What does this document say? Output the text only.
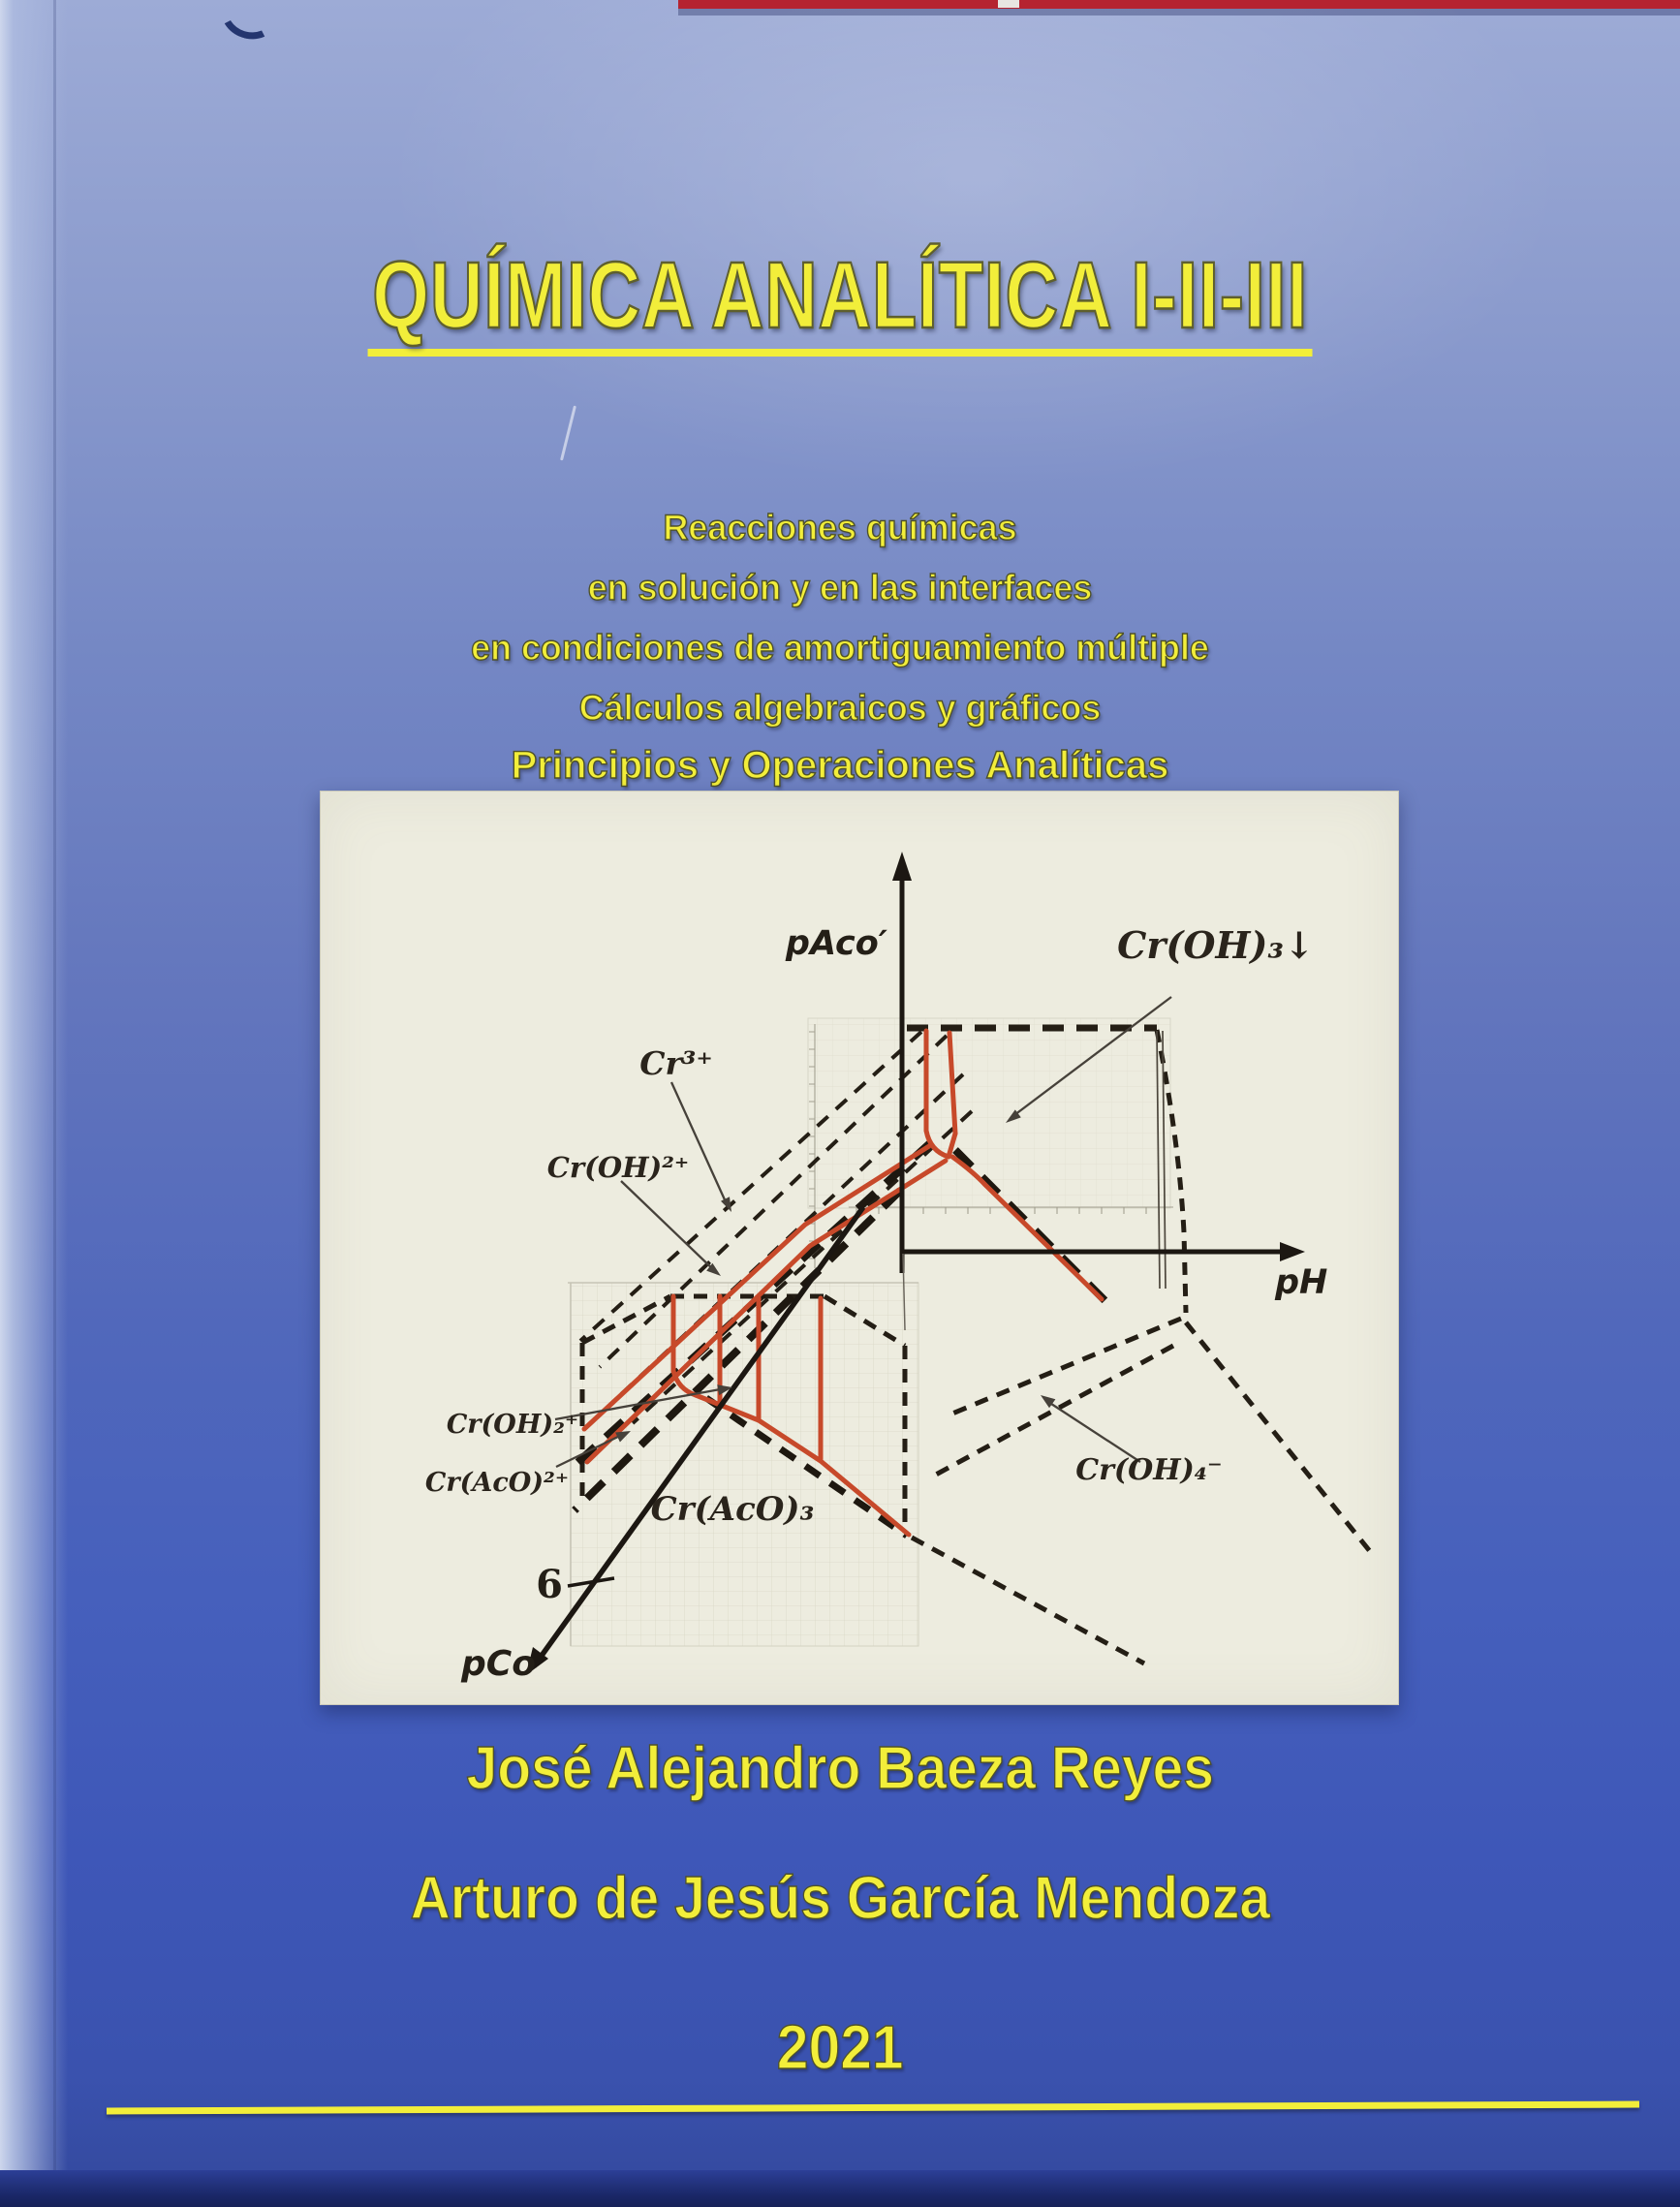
QUÍMICA ANALÍTICA I-II-III
Reacciones químicas
en solución y en las interfaces
en condiciones de amortiguamiento múltiple
Cálculos algebraicos y gráficos
Principios y Operaciones Analíticas
pAco′	Cr(OH)₃↓
Cr³⁺
Cr(OH)²⁺
pH
Cr(OH)₂⁺
Cr(AcO)²⁺
Cr(AcO)₃
Cr(OH)₄⁻
6
pCo
José Alejandro Baeza Reyes
Arturo de Jesús García Mendoza
2021
